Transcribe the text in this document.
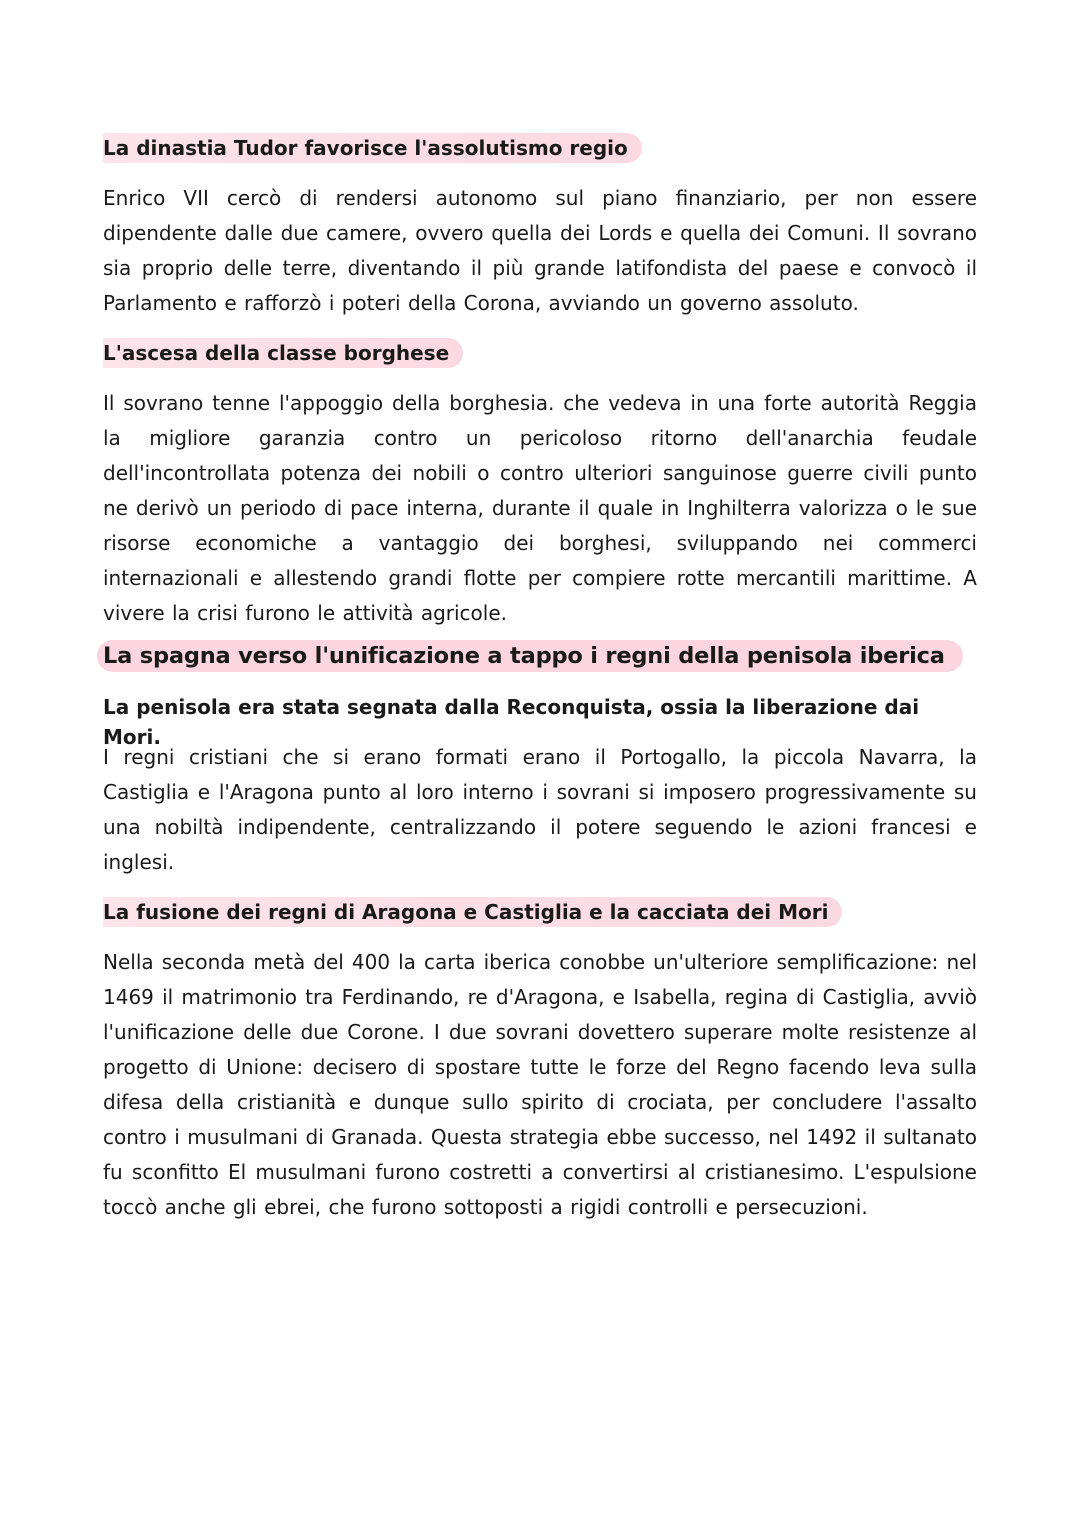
La dinastia Tudor favorisce l'assolutismo regio

Enrico VII cercò di rendersi autonomo sul piano finanziario, per non essere dipendente dalle due camere, ovvero quella dei Lords e quella dei Comuni. Il sovrano sia proprio delle terre, diventando il più grande latifondista del paese e convocò il Parlamento e rafforzò i poteri della Corona, avviando un governo assoluto.

L'ascesa della classe borghese

Il sovrano tenne l'appoggio della borghesia. che vedeva in una forte autorità Reggia la migliore garanzia contro un pericoloso ritorno dell'anarchia feudale dell'incontrollata potenza dei nobili o contro ulteriori sanguinose guerre civili punto ne derivò un periodo di pace interna, durante il quale in Inghilterra valorizza o le sue risorse economiche a vantaggio dei borghesi, sviluppando nei commerci internazionali e allestendo grandi flotte per compiere rotte mercantili marittime. A vivere la crisi furono le attività agricole.

La spagna verso l'unificazione a tappo i regni della penisola iberica

La penisola era stata segnata dalla Reconquista, ossia la liberazione dai Mori.

I regni cristiani che si erano formati erano il Portogallo, la piccola Navarra, la Castiglia e l'Aragona punto al loro interno i sovrani si imposero progressivamente su una nobiltà indipendente, centralizzando il potere seguendo le azioni francesi e inglesi.

La fusione dei regni di Aragona e Castiglia e la cacciata dei Mori

Nella seconda metà del 400 la carta iberica conobbe un'ulteriore semplificazione: nel 1469 il matrimonio tra Ferdinando, re d'Aragona, e Isabella, regina di Castiglia, avviò l'unificazione delle due Corone. I due sovrani dovettero superare molte resistenze al progetto di Unione: decisero di spostare tutte le forze del Regno facendo leva sulla difesa della cristianità e dunque sullo spirito di crociata, per concludere l'assalto contro i musulmani di Granada. Questa strategia ebbe successo, nel 1492 il sultanato fu sconfitto El musulmani furono costretti a convertirsi al cristianesimo. L'espulsione toccò anche gli ebrei, che furono sottoposti a rigidi controlli e persecuzioni.
